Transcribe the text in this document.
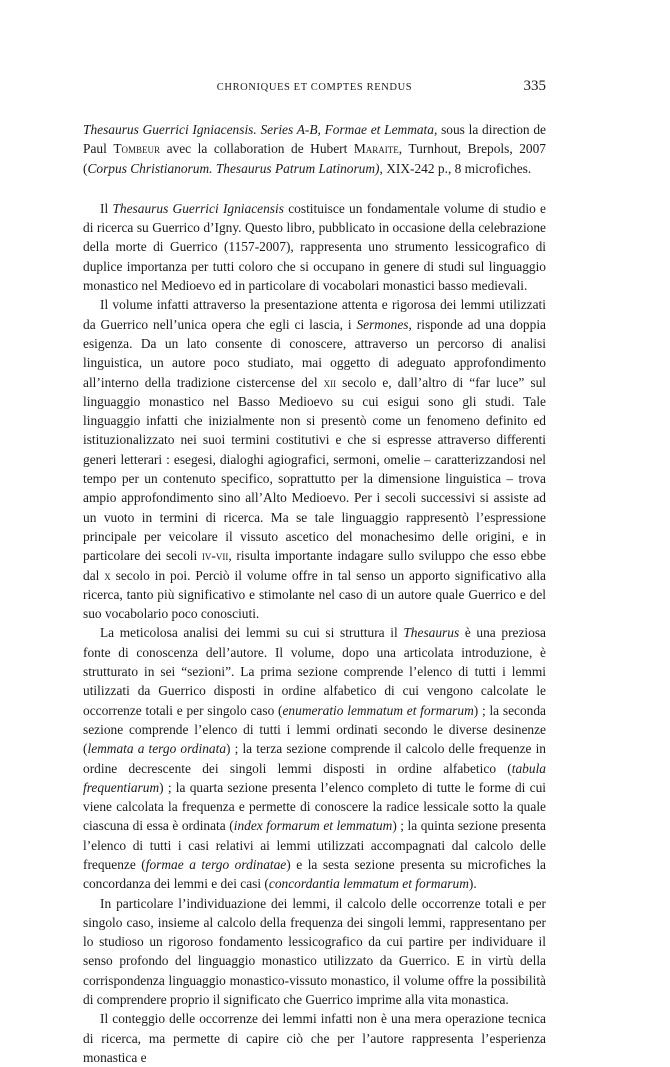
CHRONIQUES ET COMPTES RENDUS	335
Thesaurus Guerrici Igniacensis. Series A-B, Formae et Lemmata, sous la direction de Paul Tombeur avec la collaboration de Hubert Maraite, Turnhout, Brepols, 2007 (Corpus Christianorum. Thesaurus Patrum Latinorum), XIX-242 p., 8 microfiches.

Il Thesaurus Guerrici Igniacensis costituisce un fondamentale volume di studio e di ricerca su Guerrico d’Igny. Questo libro, pubblicato in occasione della celebrazione della morte di Guerrico (1157-2007), rappresenta uno strumento lessicografico di duplice importanza per tutti coloro che si occupano in genere di studi sul linguaggio monastico nel Medioevo ed in particolare di vocabolari monastici basso medievali.

Il volume infatti attraverso la presentazione attenta e rigorosa dei lemmi utilizzati da Guerrico nell’unica opera che egli ci lascia, i Sermones, risponde ad una doppia esigenza. Da un lato consente di conoscere, attraverso un percorso di analisi linguistica, un autore poco studiato, mai oggetto di adeguato approfondimento all’interno della tradizione cistercense del xii secolo e, dall’altro di “far luce” sul linguaggio monastico nel Basso Medioevo su cui esigui sono gli studi. Tale linguaggio infatti che inizialmente non si presentò come un fenomeno definito ed istituzionalizzato nei suoi termini costitutivi e che si espresse attraverso differenti generi letterari : esegesi, dialoghi agiografici, sermoni, omelie – caratterizzandosi nel tempo per un contenuto specifico, soprattutto per la dimensione linguistica – trova ampio approfondimento sino all’Alto Medioevo. Per i secoli successivi si assiste ad un vuoto in termini di ricerca. Ma se tale linguaggio rappresentò l’espressione principale per veicolare il vissuto ascetico del monachesimo delle origini, e in particolare dei secoli iv-vii, risulta importante indagare sullo sviluppo che esso ebbe dal x secolo in poi. Perciò il volume offre in tal senso un apporto significativo alla ricerca, tanto più significativo e stimolante nel caso di un autore quale Guerrico e del suo vocabolario poco conosciuti.

La meticolosa analisi dei lemmi su cui si struttura il Thesaurus è una preziosa fonte di conoscenza dell’autore. Il volume, dopo una articolata introduzione, è strutturato in sei “sezioni”. La prima sezione comprende l’elenco di tutti i lemmi utilizzati da Guerrico disposti in ordine alfabetico di cui vengono calcolate le occorrenze totali e per singolo caso (enumeratio lemmatum et formarum) ; la seconda sezione comprende l’elenco di tutti i lemmi ordinati secondo le diverse desinenze (lemmata a tergo ordinata) ; la terza sezione comprende il calcolo delle frequenze in ordine decrescente dei singoli lemmi disposti in ordine alfabetico (tabula frequentiarum) ; la quarta sezione presenta l’elenco completo di tutte le forme di cui viene calcolata la frequenza e permette di conoscere la radice lessicale sotto la quale ciascuna di essa è ordinata (index formarum et lemmatum) ; la quinta sezione presenta l’elenco di tutti i casi relativi ai lemmi utilizzati accompagnati dal calcolo delle frequenze (formae a tergo ordinatae) e la sesta sezione presenta su microfiches la concordanza dei lemmi e dei casi (concordantia lemmatum et formarum).

In particolare l’individuazione dei lemmi, il calcolo delle occorrenze totali e per singolo caso, insieme al calcolo della frequenza dei singoli lemmi, rappresentano per lo studioso un rigoroso fondamento lessicografico da cui partire per individuare il senso profondo del linguaggio monastico utilizzato da Guerrico. E in virtù della corrispondenza linguaggio monastico-vissuto monastico, il volume offre la possibilità di comprendere proprio il significato che Guerrico imprime alla vita monastica.

Il conteggio delle occorrenze dei lemmi infatti non è una mera operazione tecnica di ricerca, ma permette di capire ciò che per l’autore rappresenta l’esperienza monastica e
